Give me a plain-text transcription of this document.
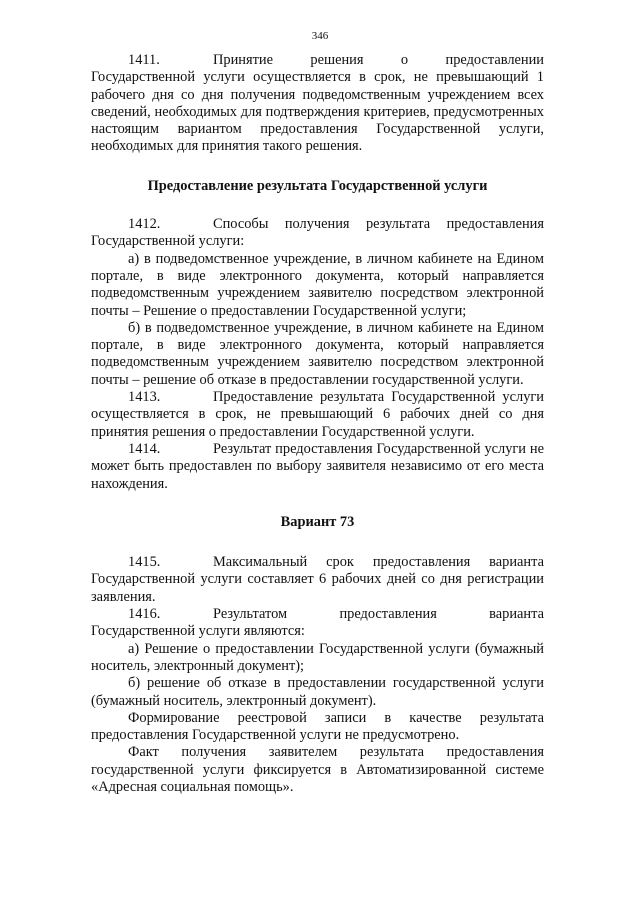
346

1411.	Принятие решения о предоставлении Государственной услуги осуществляется в срок, не превышающий 1 рабочего дня со дня получения подведомственным учреждением всех сведений, необходимых для подтверждения критериев, предусмотренных настоящим вариантом предоставления Государственной услуги, необходимых для принятия такого решения.

Предоставление результата Государственной услуги

1412.	Способы получения результата предоставления Государственной услуги:

а) в подведомственное учреждение, в личном кабинете на Едином портале, в виде электронного документа, который направляется подведомственным учреждением заявителю посредством электронной почты – Решение о предоставлении Государственной услуги;

б) в подведомственное учреждение, в личном кабинете на Едином портале, в виде электронного документа, который направляется подведомственным учреждением заявителю посредством электронной почты – решение об отказе в предоставлении государственной услуги.

1413.	Предоставление результата Государственной услуги осуществляется в срок, не превышающий 6 рабочих дней со дня принятия решения о предоставлении Государственной услуги.

1414.	Результат предоставления Государственной услуги не может быть предоставлен по выбору заявителя независимо от его места нахождения.

Вариант 73

1415.	Максимальный срок предоставления варианта Государственной услуги составляет 6 рабочих дней со дня регистрации заявления.

1416.	Результатом предоставления варианта Государственной услуги являются:

а) Решение о предоставлении Государственной услуги (бумажный носитель, электронный документ);

б) решение об отказе в предоставлении государственной услуги (бумажный носитель, электронный документ).

Формирование реестровой записи в качестве результата предоставления Государственной услуги не предусмотрено.

Факт получения заявителем результата предоставления государственной услуги фиксируется в Автоматизированной системе «Адресная социальная помощь».
